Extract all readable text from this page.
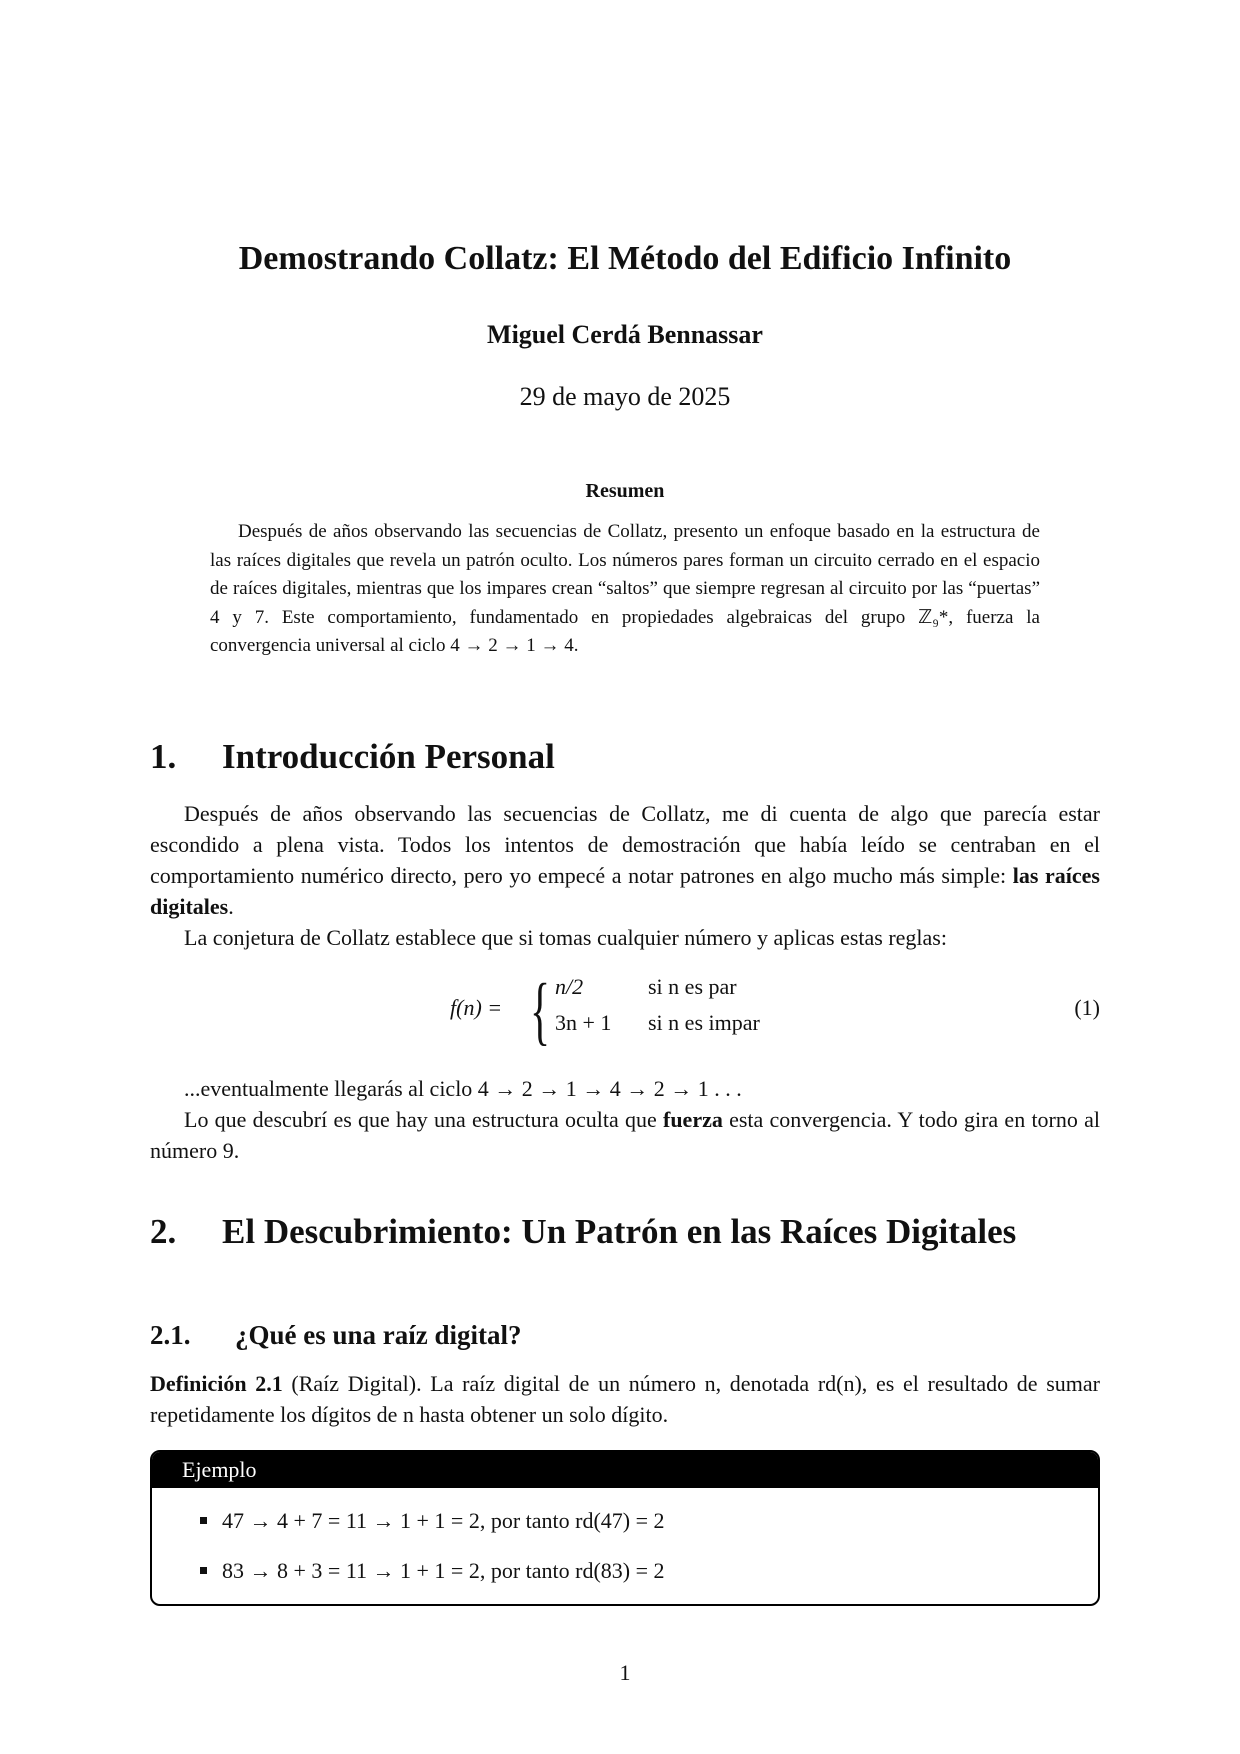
Demostrando Collatz: El Método del Edificio Infinito
Miguel Cerdá Bennassar
29 de mayo de 2025
Resumen
Después de años observando las secuencias de Collatz, presento un enfoque basado en la estructura de las raíces digitales que revela un patrón oculto. Los números pares forman un circuito cerrado en el espacio de raíces digitales, mientras que los impares crean “saltos” que siempre regresan al circuito por las “puertas” 4 y 7. Este comportamiento, fundamentado en propiedades algebraicas del grupo ℤ₉*, fuerza la convergencia universal al ciclo 4 → 2 → 1 → 4.
1. Introducción Personal
Después de años observando las secuencias de Collatz, me di cuenta de algo que parecía estar escondido a plena vista. Todos los intentos de demostración que había leído se centraban en el comportamiento numérico directo, pero yo empecé a notar patrones en algo mucho más simple: las raíces digitales.
La conjetura de Collatz establece que si tomas cualquier número y aplicas estas reglas:
f(n) = { n/2	si n es par
3n + 1 si n es impar
(1)
...eventualmente llegarás al ciclo 4 → 2 → 1 → 4 → 2 → 1 . . .
Lo que descubrí es que hay una estructura oculta que fuerza esta convergencia. Y todo gira en torno al número 9.
2. El Descubrimiento: Un Patrón en las Raíces Digitales
2.1. ¿Qué es una raíz digital?
Definición 2.1 (Raíz Digital). La raíz digital de un número n, denotada rd(n), es el resultado de sumar repetidamente los dígitos de n hasta obtener un solo dígito.
Ejemplo
47 → 4 + 7 = 11 → 1 + 1 = 2, por tanto rd(47) = 2
83 → 8 + 3 = 11 → 1 + 1 = 2, por tanto rd(83) = 2
1
